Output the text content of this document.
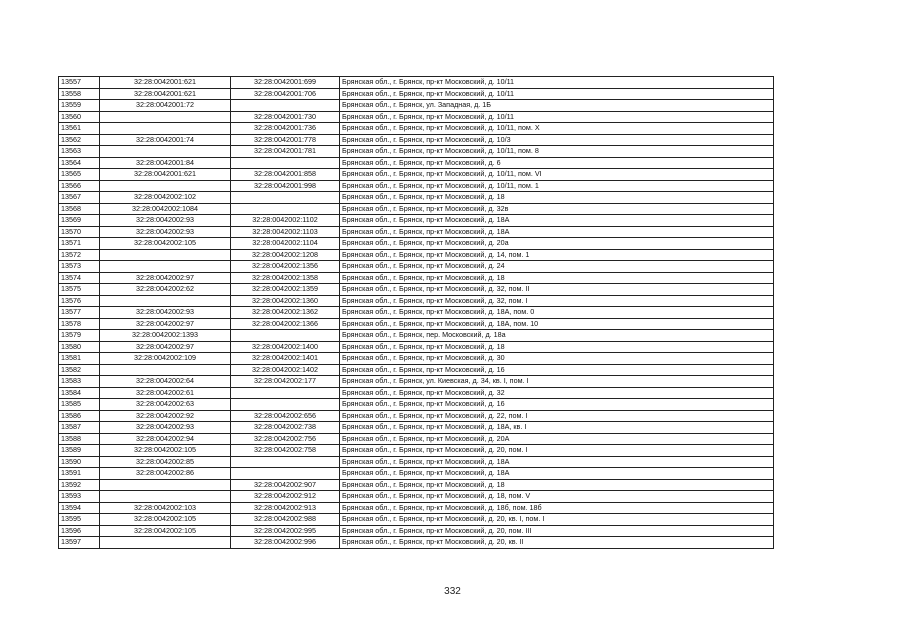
13557	32:28:0042001:621	32:28:0042001:699	Брянская обл., г. Брянск, пр-кт Московский, д. 10/11
13558	32:28:0042001:621	32:28:0042001:706	Брянская обл., г. Брянск, пр-кт Московский, д. 10/11
13559	32:28:0042001:72		Брянская обл., г. Брянск, ул. Западная, д. 1Б
13560		32:28:0042001:730	Брянская обл., г. Брянск, пр-кт Московский, д. 10/11
13561		32:28:0042001:736	Брянская обл., г. Брянск, пр-кт Московский, д. 10/11, пом. X
13562	32:28:0042001:74	32:28:0042001:778	Брянская обл., г. Брянск, пр-кт Московский, д. 10/3
13563		32:28:0042001:781	Брянская обл., г. Брянск, пр-кт Московский, д. 10/11, пом. 8
13564	32:28:0042001:84		Брянская обл., г. Брянск, пр-кт Московский, д. 6
13565	32:28:0042001:621	32:28:0042001:858	Брянская обл., г. Брянск, пр-кт Московский, д. 10/11, пом. VI
13566		32:28:0042001:998	Брянская обл., г. Брянск, пр-кт Московский, д. 10/11, пом. 1
13567	32:28:0042002:102		Брянская обл., г. Брянск, пр-кт Московский, д. 18
13568	32:28:0042002:1084		Брянская обл., г. Брянск, пр-кт Московский, д. 32в
13569	32:28:0042002:93	32:28:0042002:1102	Брянская обл., г. Брянск, пр-кт Московский, д. 18А
13570	32:28:0042002:93	32:28:0042002:1103	Брянская обл., г. Брянск, пр-кт Московский, д. 18А
13571	32:28:0042002:105	32:28:0042002:1104	Брянская обл., г. Брянск, пр-кт Московский, д. 20а
13572		32:28:0042002:1208	Брянская обл., г. Брянск, пр-кт Московский, д. 14, пом. 1
13573		32:28:0042002:1356	Брянская обл., г. Брянск, пр-кт Московский, д. 24
13574	32:28:0042002:97	32:28:0042002:1358	Брянская обл., г. Брянск, пр-кт Московский, д. 18
13575	32:28:0042002:62	32:28:0042002:1359	Брянская обл., г. Брянск, пр-кт Московский, д. 32, пом. II
13576		32:28:0042002:1360	Брянская обл., г. Брянск, пр-кт Московский, д. 32, пом. I
13577	32:28:0042002:93	32:28:0042002:1362	Брянская обл., г. Брянск, пр-кт Московский, д. 18А, пом. 0
13578	32:28:0042002:97	32:28:0042002:1366	Брянская обл., г. Брянск, пр-кт Московский, д. 18А, пом. 10
13579	32:28:0042002:1393		Брянская обл., г. Брянск, пер. Московский, д. 18а
13580	32:28:0042002:97	32:28:0042002:1400	Брянская обл., г. Брянск, пр-кт Московский, д. 18
13581	32:28:0042002:109	32:28:0042002:1401	Брянская обл., г. Брянск, пр-кт Московский, д. 30
13582		32:28:0042002:1402	Брянская обл., г. Брянск, пр-кт Московский, д. 16
13583	32:28:0042002:64	32:28:0042002:177	Брянская обл., г. Брянск, ул. Киевская, д. 34, кв. I, пом. I
13584	32:28:0042002:61		Брянская обл., г. Брянск, пр-кт Московский, д. 32
13585	32:28:0042002:63		Брянская обл., г. Брянск, пр-кт Московский, д. 16
13586	32:28:0042002:92	32:28:0042002:656	Брянская обл., г. Брянск, пр-кт Московский, д. 22, пом. I
13587	32:28:0042002:93	32:28:0042002:738	Брянская обл., г. Брянск, пр-кт Московский, д. 18А, кв. I
13588	32:28:0042002:94	32:28:0042002:756	Брянская обл., г. Брянск, пр-кт Московский, д. 20А
13589	32:28:0042002:105	32:28:0042002:758	Брянская обл., г. Брянск, пр-кт Московский, д. 20, пом. I
13590	32:28:0042002:85		Брянская обл., г. Брянск, пр-кт Московский, д. 18А
13591	32:28:0042002:86		Брянская обл., г. Брянск, пр-кт Московский, д. 18А
13592		32:28:0042002:907	Брянская обл., г. Брянск, пр-кт Московский, д. 18
13593		32:28:0042002:912	Брянская обл., г. Брянск, пр-кт Московский, д. 18, пом. V
13594	32:28:0042002:103	32:28:0042002:913	Брянская обл., г. Брянск, пр-кт Московский, д. 18б, пом. 18б
13595	32:28:0042002:105	32:28:0042002:988	Брянская обл., г. Брянск, пр-кт Московский, д. 20, кв. I, пом. I
13596	32:28:0042002:105	32:28:0042002:995	Брянская обл., г. Брянск, пр-кт Московский, д. 20, пом. III
13597		32:28:0042002:996	Брянская обл., г. Брянск, пр-кт Московский, д. 20, кв. II
332
